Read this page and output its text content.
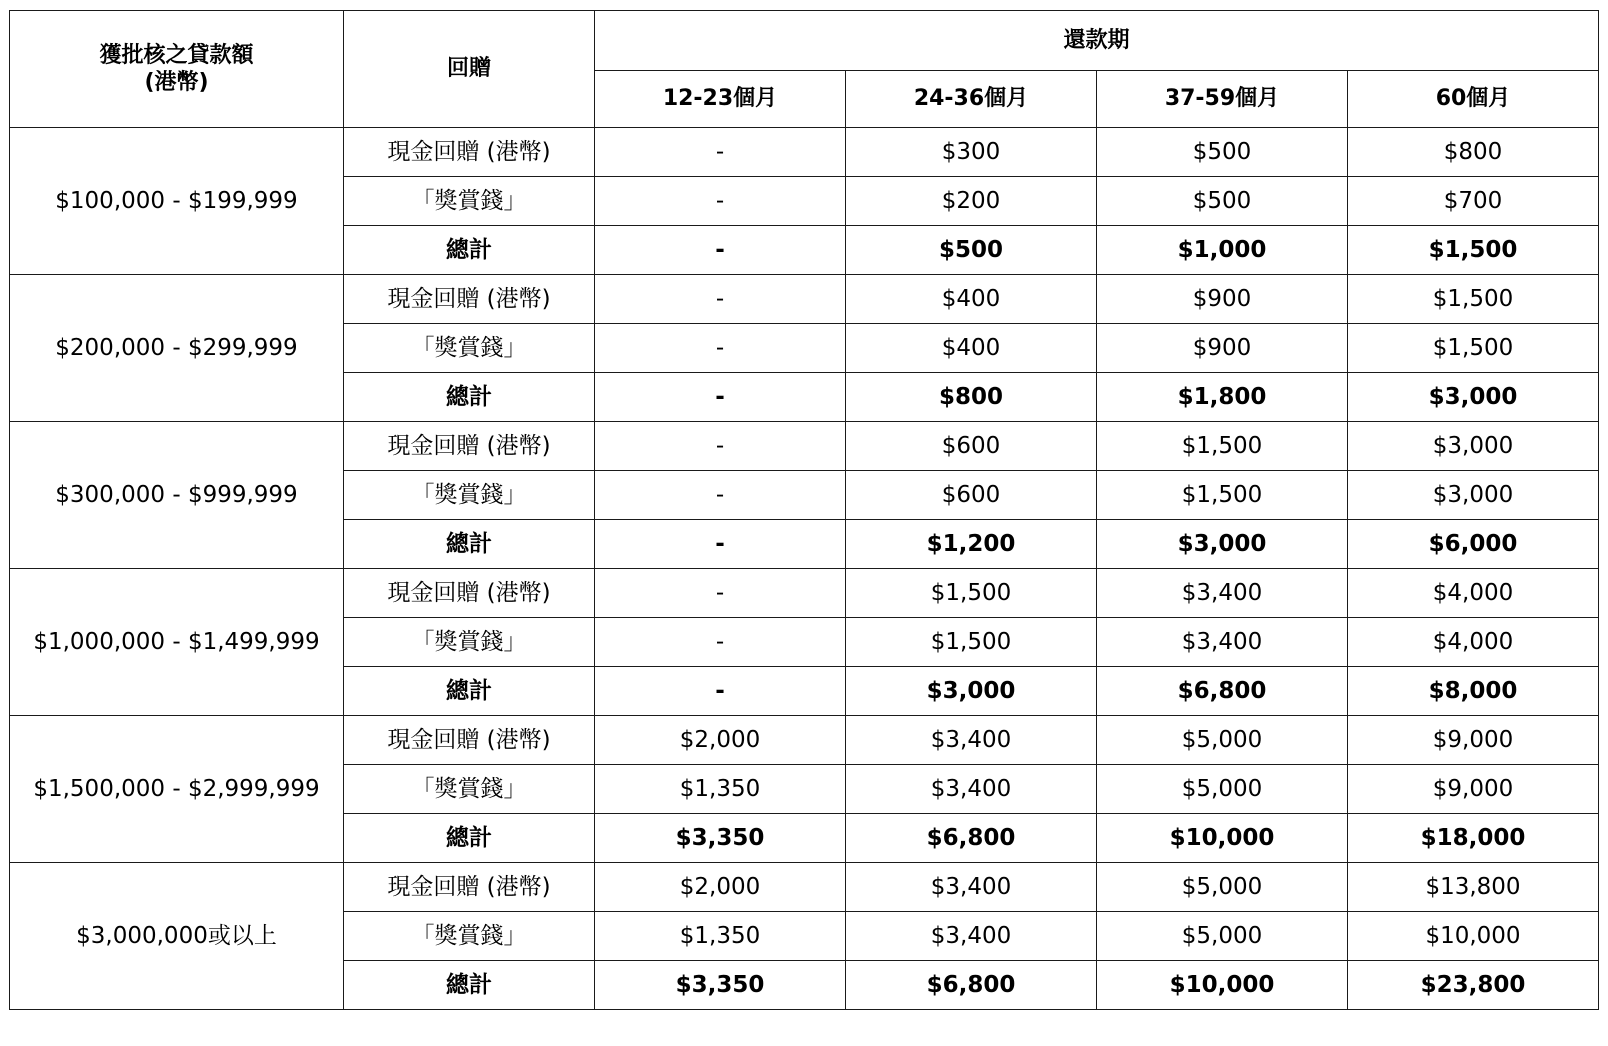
獲批核之貸款額
(港幣)	回贈	還款期			
		12-23個月	24-36個月	37-59個月	60個月
$100,000 - $199,999	現金回贈 (港幣)	-	$300	$500	$800
	「獎賞錢」	-	$200	$500	$700
	總計	-	$500	$1,000	$1,500
$200,000 - $299,999	現金回贈 (港幣)	-	$400	$900	$1,500
	「獎賞錢」	-	$400	$900	$1,500
	總計	-	$800	$1,800	$3,000
$300,000 - $999,999	現金回贈 (港幣)	-	$600	$1,500	$3,000
	「獎賞錢」	-	$600	$1,500	$3,000
	總計	-	$1,200	$3,000	$6,000
$1,000,000 - $1,499,999	現金回贈 (港幣)	-	$1,500	$3,400	$4,000
	「獎賞錢」	-	$1,500	$3,400	$4,000
	總計	-	$3,000	$6,800	$8,000
$1,500,000 - $2,999,999	現金回贈 (港幣)	$2,000	$3,400	$5,000	$9,000
	「獎賞錢」	$1,350	$3,400	$5,000	$9,000
	總計	$3,350	$6,800	$10,000	$18,000
$3,000,000或以上	現金回贈 (港幣)	$2,000	$3,400	$5,000	$13,800
	「獎賞錢」	$1,350	$3,400	$5,000	$10,000
	總計	$3,350	$6,800	$10,000	$23,800
